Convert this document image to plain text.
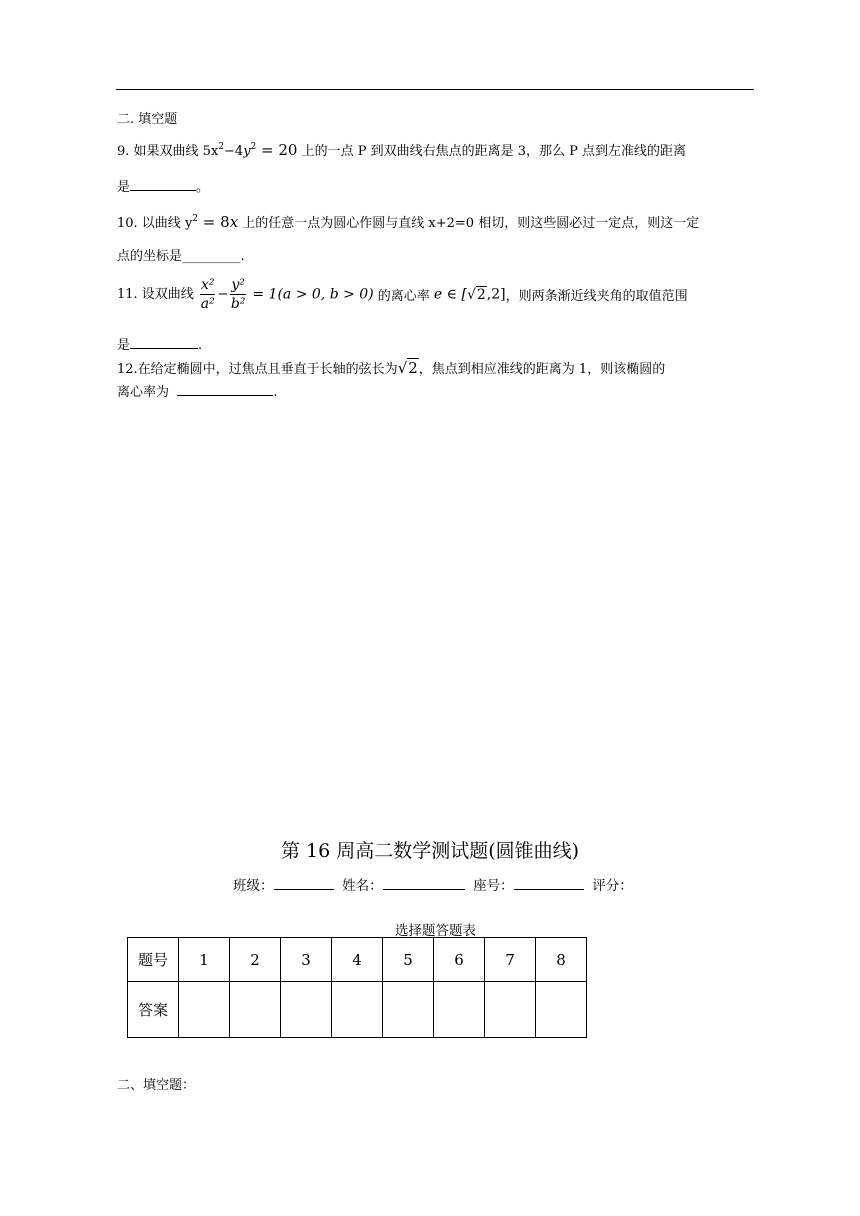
二. 填空题
9. 如果双曲线 $5x^2-4y^2 = 20$ 上的一点 P 到双曲线右焦点的距离是 3，那么 P 点到左准线的距离
是	。
10. 以曲线 $y^2 = 8x$ 上的任意一点为圆心作圆与直线 x+2=0 相切，则这些圆必过一定点，则这一定
点的坐标是_________.
11. 设双曲线 $\frac{\text{x²}}{\text{a²}} - \frac{\text{y²}}{\text{b²}} = 1(a > 0$, b > 0) 的离心率 e ∈ [√2,2]，则两条渐近线夹角的取值范围
是	.
12.在给定椭圆中，过焦点且垂直于长轴的弦长为√2，焦点到相应准线的距离为 1，则该椭圆的
离心率为	.
第 16 周高二数学测试题(圆锥曲线)
班级：	姓名：	座号：	评分：
选择题答题表
题号	1	2	3	4	5	6	7	8
答案								
二、填空题：
